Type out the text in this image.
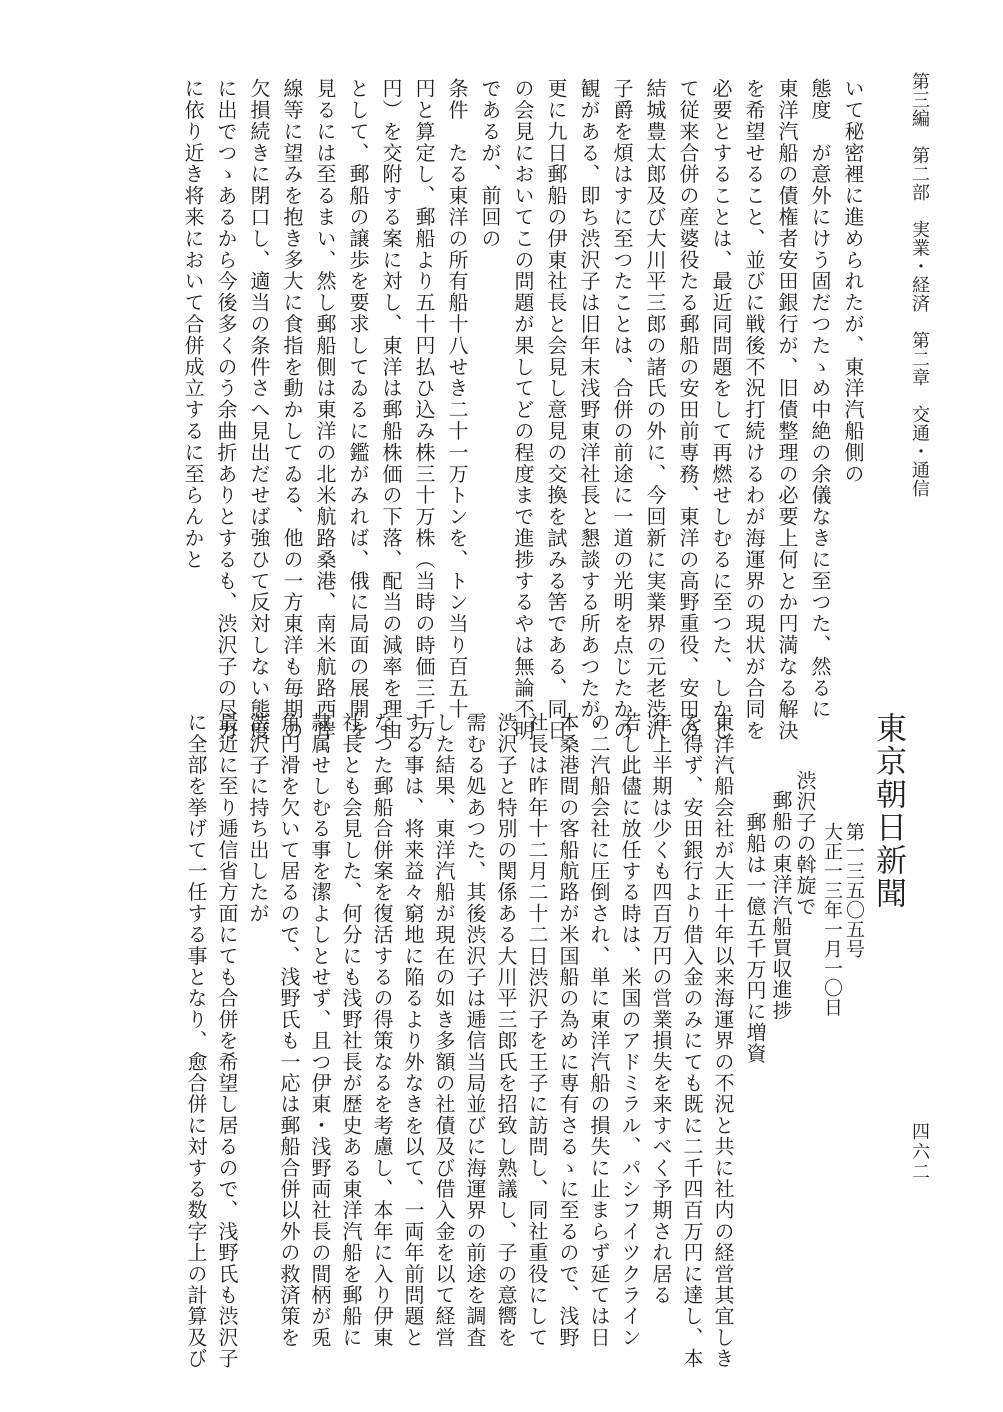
第三編　第二部　実業・経済　第二章　交通・通信
いて秘密裡に進められたが、東洋汽船側の
態度　が意外にけう固だつたゝめ中絶の余儀なきに至つた、然るに
東洋汽船の債権者安田銀行が、旧債整理の必要上何とか円満なる解決
を希望せること、並びに戦後不況打続けるわが海運界の現状が合同を
必要とすることは、最近同問題をして再燃せしむるに至つた、しかし
て従来合併の産婆役たる郵船の安田前専務、東洋の高野重役、安田の
結城豊太郎及び大川平三郎の諸氏の外に、今回新に実業界の元老渋沢
子爵を煩はすに至つたことは、合併の前途に一道の光明を点じたかの
観がある、即ち渋沢子は旧年末浅野東洋社長と懇談する所あつたが、
更に九日郵船の伊東社長と会見し意見の交換を試みる筈である、同日
の会見においてこの問題が果してどの程度まで進捗するやは無論不明
であるが、前回の
条件　たる東洋の所有船十八せき二十一万トンを、トン当り百五十
円と算定し、郵船より五十円払ひ込み株三十万株（当時の時価三千万
円）を交附する案に対し、東洋は郵船株価の下落、配当の減率を理由
として、郵船の譲歩を要求してゐるに鑑がみれば、俄に局面の展開を
見るには至るまい、然し郵船側は東洋の北米航路桑港、南米航路西岸
線等に望みを抱き多大に食指を動かしてゐる、他の一方東洋も毎期の
欠損続きに閉口し、適当の条件さへ見出だせば強ひて反対しない態度
に出でつゝあるから今後多くのう余曲折ありとするも、渋沢子の尽力
に依り近き将来において合併成立するに至らんかと
四六二
東京朝日新聞
第一三五〇五号
大正一三年一月一〇日
渋沢子の斡旋で
郵船の東洋汽船買収進捗
郵船は一億五千万円に増資
東洋汽船会社が大正十年以来海運界の不況と共に社内の経営其宜しき
を得ず、安田銀行より借入金のみにても既に二千四百万円に達し、本
年上半期は少くも四百万円の営業損失を来すべく予期され居る
若し此儘に放任する時は、米国のアドミラル、パシフイツクライン
の二汽船会社に圧倒され、単に東洋汽船の損失に止まらず延ては日
本桑港間の客船航路が米国船の為めに専有さるゝに至るので、浅野
社長は昨年十二月二十二日渋沢子を王子に訪問し、同社重役にして
渋沢子と特別の関係ある大川平三郎氏を招致し熟議し、子の意嚮を
需むる処あつた、其後渋沢子は逓信当局並びに海運界の前途を調査
した結果、東洋汽船が現在の如き多額の社債及び借入金を以て経営
する事は、将来益々窮地に陥るより外なきを以て、一両年前問題と
なつた郵船合併案を復活するの得策なるを考慮し、本年に入り伊東
社長とも会見した、何分にも浅野社長が歴史ある東洋汽船を郵船に
隷属せしむる事を潔よしとせず、且つ伊東・浅野両社長の間柄が兎
角円滑を欠いて居るので、浅野氏も一応は郵船合併以外の救済策を
渋沢子に持ち出したが
最近に至り逓信省方面にても合併を希望し居るので、浅野氏も渋沢子
に全部を挙げて一任する事となり、愈合併に対する数字上の計算及び
